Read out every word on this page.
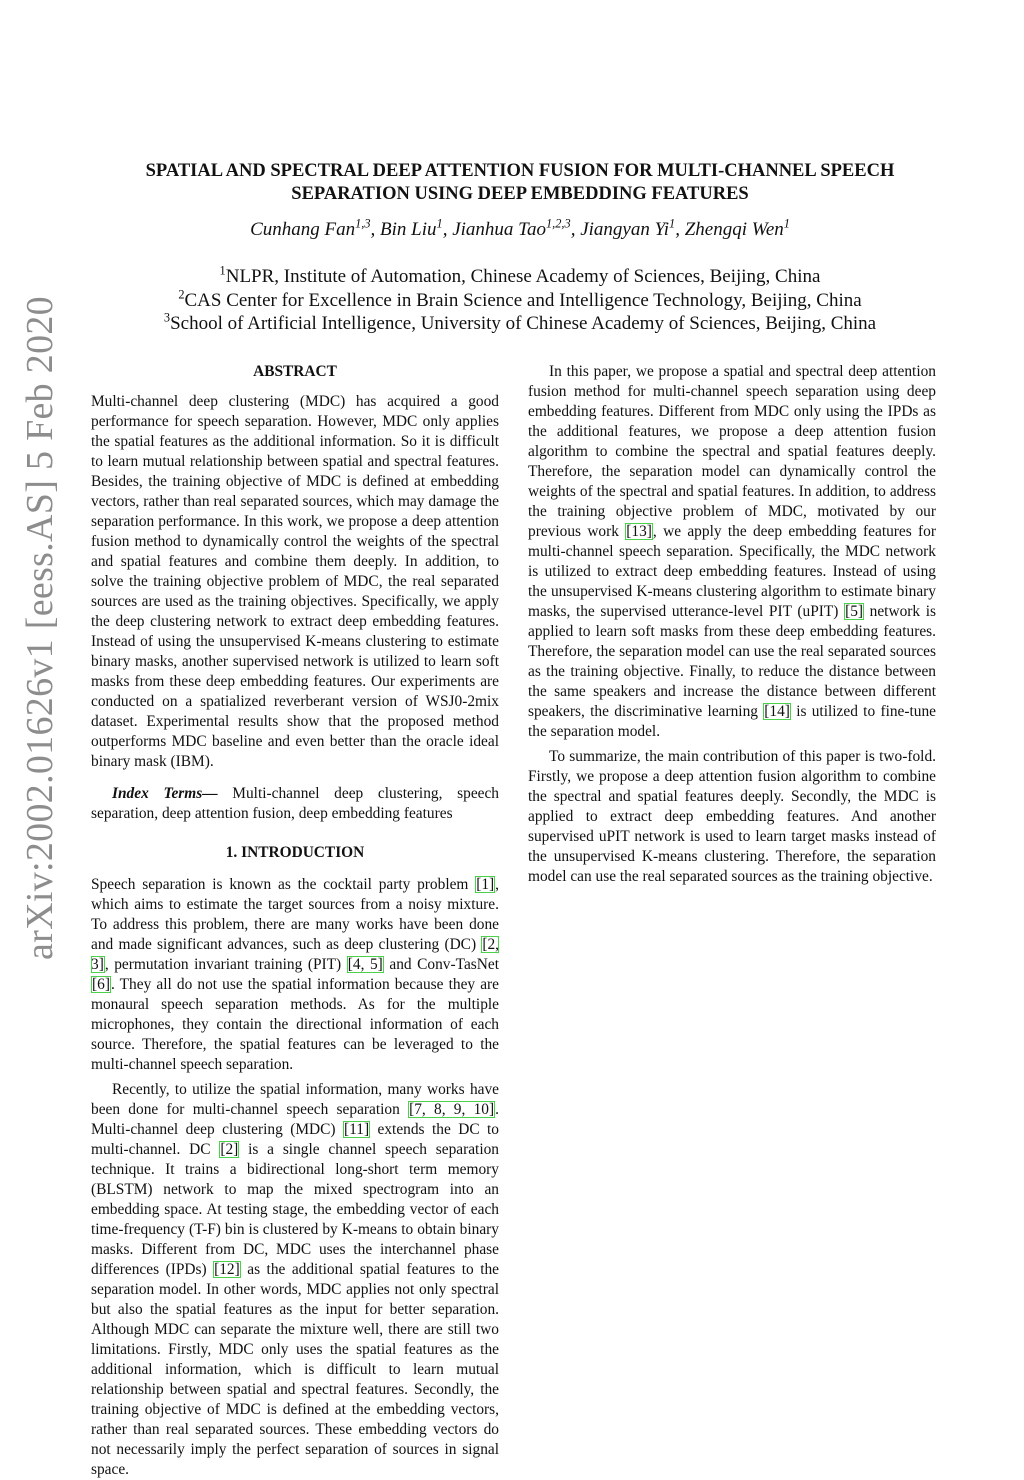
arXiv:2002.01626v1 [eess.AS] 5 Feb 2020
SPATIAL AND SPECTRAL DEEP ATTENTION FUSION FOR MULTI-CHANNEL SPEECH
SEPARATION USING DEEP EMBEDDING FEATURES
Cunhang Fan$^{1,3}$, Bin Liu$^1$, Jianhua Tao$^{1,2,3}$, Jiangyan Yi$^1$, Zhengqi Wen$^1$
$^1$NLPR, Institute of Automation, Chinese Academy of Sciences, Beijing, China
$^2$CAS Center for Excellence in Brain Science and Intelligence Technology, Beijing, China
$^3$School of Artificial Intelligence, University of Chinese Academy of Sciences, Beijing, China
ABSTRACT

Multi-channel deep clustering (MDC) has acquired a good performance for speech separation. However, MDC only applies the spatial features as the additional information. So it is difficult to learn mutual relationship between spatial and spectral features. Besides, the training objective of MDC is defined at embedding vectors, rather than real separated sources, which may damage the separation performance. In this work, we propose a deep attention fusion method to dynamically control the weights of the spectral and spatial features and combine them deeply. In addition, to solve the training objective problem of MDC, the real separated sources are used as the training objectives. Specifically, we apply the deep clustering network to extract deep embedding features. Instead of using the unsupervised K-means clustering to estimate binary masks, another supervised network is utilized to learn soft masks from these deep embedding features. Our experiments are conducted on a spatialized reverberant version of WSJ0-2mix dataset. Experimental results show that the proposed method outperforms MDC baseline and even better than the oracle ideal binary mask (IBM).

Index Terms— Multi-channel deep clustering, speech separation, deep attention fusion, deep embedding features

1. INTRODUCTION

Speech separation is known as the cocktail party problem [1], which aims to estimate the target sources from a noisy mixture. To address this problem, there are many works have been done and made significant advances, such as deep clustering (DC) [2, 3], permutation invariant training (PIT) [4, 5] and Conv-TasNet [6]. They all do not use the spatial information because they are monaural speech separation methods. As for the multiple microphones, they contain the directional information of each source. Therefore, the spatial features can be leveraged to the multi-channel speech separation.

Recently, to utilize the spatial information, many works have been done for multi-channel speech separation [7, 8, 9, 10]. Multi-channel deep clustering (MDC) [11] extends the DC to multi-channel. DC [2] is a single channel speech separation technique. It trains a bidirectional long-short term memory (BLSTM) network to map the mixed spectrogram into an embedding space. At testing stage, the embedding vector of each time-frequency (T-F) bin is clustered by K-means to obtain binary masks. Different from DC, MDC uses the interchannel phase differences (IPDs) [12] as the additional spatial features to the separation model. In other words, MDC applies not only spectral but also the spatial features as the input for better separation. Although MDC can separate the mixture well, there are still two limitations. Firstly, MDC only uses the spatial features as the additional information, which is difficult to learn mutual relationship between spatial and spectral features. Secondly, the training objective of MDC is defined at the embedding vectors, rather than real separated sources. These embedding vectors do not necessarily imply the perfect separation of sources in signal space.

In this paper, we propose a spatial and spectral deep attention fusion method for multi-channel speech separation using deep embedding features. Different from MDC only using the IPDs as the additional features, we propose a deep attention fusion algorithm to combine the spectral and spatial features deeply. Therefore, the separation model can dynamically control the weights of the spectral and spatial features. In addition, to address the training objective problem of MDC, motivated by our previous work [13], we apply the deep embedding features for multi-channel speech separation. Specifically, the MDC network is utilized to extract deep embedding features. Instead of using the unsupervised K-means clustering algorithm to estimate binary masks, the supervised utterance-level PIT (uPIT) [5] network is applied to learn soft masks from these deep embedding features. Therefore, the separation model can use the real separated sources as the training objective. Finally, to reduce the distance between the same speakers and increase the distance between different speakers, the discriminative learning [14] is utilized to fine-tune the separation model.

To summarize, the main contribution of this paper is two-fold. Firstly, we propose a deep attention fusion algorithm to combine the spectral and spatial features deeply. Secondly, the MDC is applied to extract deep embedding features. And another supervised uPIT network is used to learn target masks instead of the unsupervised K-means clustering. Therefore, the separation model can use the real separated sources as the training objective.
